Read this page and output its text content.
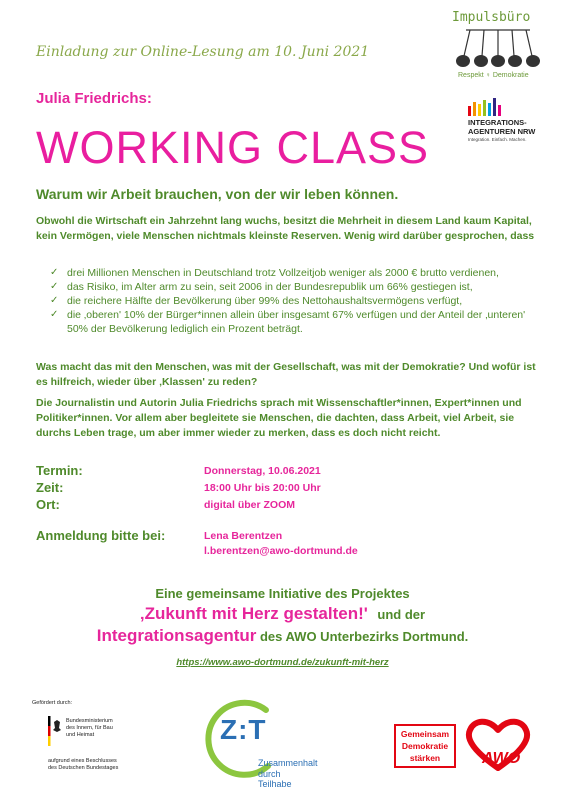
Impulsbüro
Respekt ♀ Demokratie
INTEGRATIONS-
AGENTUREN NRW
Integration. Einfach. Machen.
Einladung zur Online-Lesung am 10. Juni 2021
Julia Friedrichs:
WORKING CLASS
Warum wir Arbeit brauchen, von der wir leben können.
Obwohl die Wirtschaft ein Jahrzehnt lang wuchs, besitzt die Mehrheit in diesem Land kaum Kapital, kein Vermögen, viele Menschen nichtmals kleinste Reserven. Wenig wird darüber gesprochen, dass
✓ drei Millionen Menschen in Deutschland trotz Vollzeitjob weniger als 2000 € brutto verdienen,
✓ das Risiko, im Alter arm zu sein, seit 2006 in der Bundesrepublik um 66% gestiegen ist,
✓ die reichere Hälfte der Bevölkerung über 99% des Nettohaushaltsvermögens verfügt,
✓ die ‚oberen' 10% der Bürger*innen allein über insgesamt 67% verfügen und der Anteil der ‚unteren' 50% der Bevölkerung lediglich ein Prozent beträgt.
Was macht das mit den Menschen, was mit der Gesellschaft, was mit der Demokratie? Und wofür ist es hilfreich, wieder über ‚Klassen' zu reden?
Die Journalistin und Autorin Julia Friedrichs sprach mit Wissenschaftler*innen, Expert*innen und Politiker*innen. Vor allem aber begleitete sie Menschen, die dachten, dass Arbeit, viel Arbeit, sie durchs Leben trage, um aber immer wieder zu merken, dass es doch nicht reicht.
Termin:	Donnerstag, 10.06.2021
Zeit:	18:00 Uhr bis 20:00 Uhr
Ort:	digital über ZOOM
Anmeldung bitte bei:	Lena Berentzen
l.berentzen@awo-dortmund.de
Eine gemeinsame Initiative des Projektes
‚Zukunft mit Herz gestalten!' und der
Integrationsagentur des AWO Unterbezirks Dortmund.
https://www.awo-dortmund.de/zukunft-mit-herz
Gefördert durch:
Bundesministerium
des Innern, für Bau
und Heimat
aufgrund eines Beschlusses
des Deutschen Bundestages
Z:T
Zusammenhalt
durch Teilhabe
Gemeinsam
Demokratie
stärken	AWO
